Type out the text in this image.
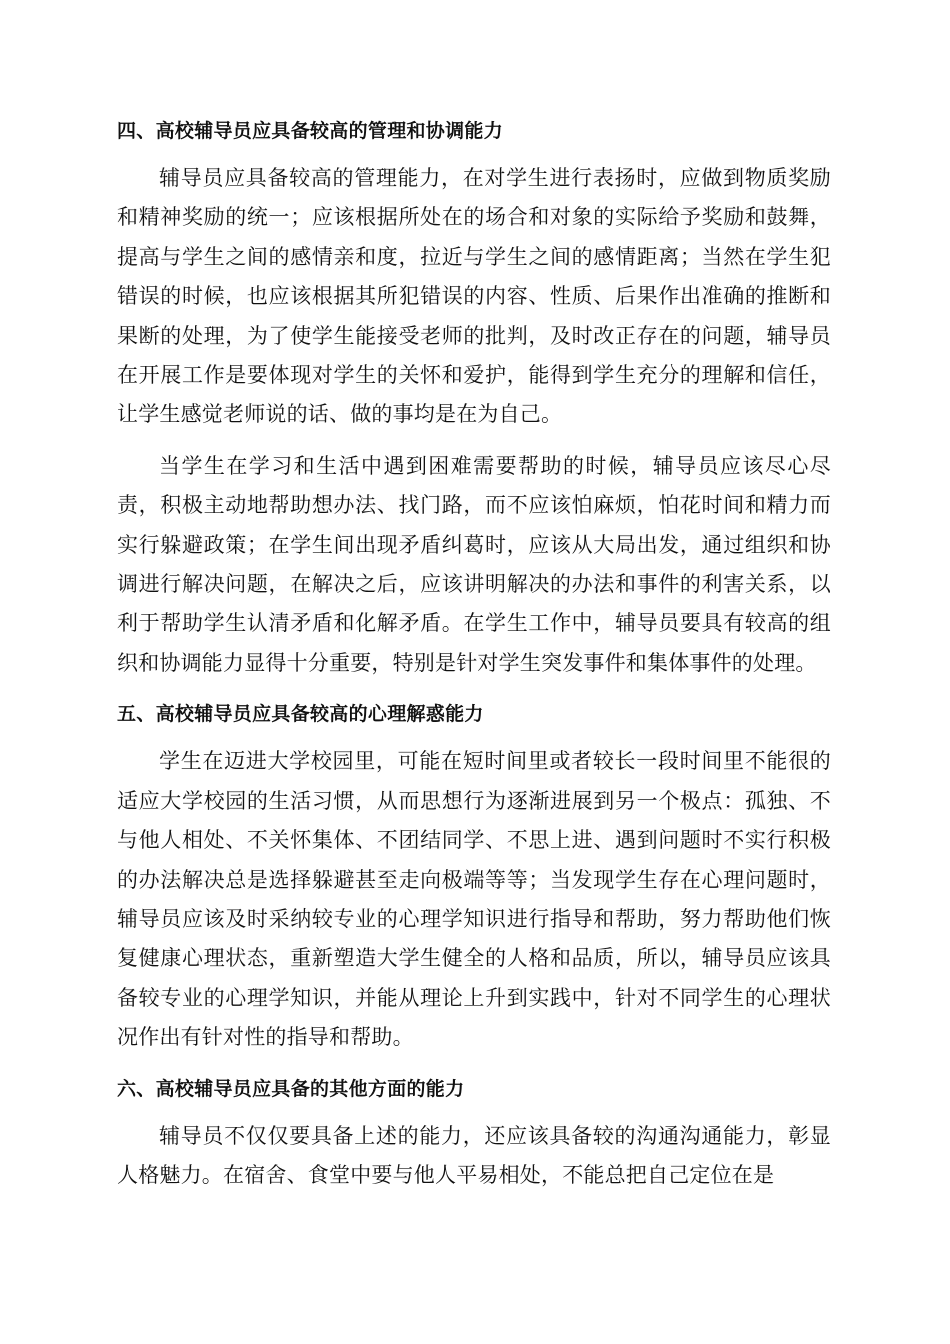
四、高校辅导员应具备较高的管理和协调能力

辅导员应具备较高的管理能力，在对学生进行表扬时，应做到物质奖励和精神奖励的统一；应该根据所处在的场合和对象的实际给予奖励和鼓舞，提高与学生之间的感情亲和度，拉近与学生之间的感情距离；当然在学生犯错误的时候，也应该根据其所犯错误的内容、性质、后果作出准确的推断和果断的处理，为了使学生能接受老师的批判，及时改正存在的问题，辅导员在开展工作是要体现对学生的关怀和爱护，能得到学生充分的理解和信任，让学生感觉老师说的话、做的事均是在为自己。

当学生在学习和生活中遇到困难需要帮助的时候，辅导员应该尽心尽责，积极主动地帮助想办法、找门路，而不应该怕麻烦，怕花时间和精力而实行躲避政策；在学生间出现矛盾纠葛时，应该从大局出发，通过组织和协调进行解决问题，在解决之后，应该讲明解决的办法和事件的利害关系，以利于帮助学生认清矛盾和化解矛盾。在学生工作中，辅导员要具有较高的组织和协调能力显得十分重要，特别是针对学生突发事件和集体事件的处理。

五、高校辅导员应具备较高的心理解惑能力

学生在迈进大学校园里，可能在短时间里或者较长一段时间里不能很的适应大学校园的生活习惯，从而思想行为逐渐进展到另一个极点：孤独、不与他人相处、不关怀集体、不团结同学、不思上进、遇到问题时不实行积极的办法解决总是选择躲避甚至走向极端等等；当发现学生存在心理问题时，辅导员应该及时采纳较专业的心理学知识进行指导和帮助，努力帮助他们恢复健康心理状态，重新塑造大学生健全的人格和品质，所以，辅导员应该具备较专业的心理学知识，并能从理论上升到实践中，针对不同学生的心理状况作出有针对性的指导和帮助。

六、高校辅导员应具备的其他方面的能力

辅导员不仅仅要具备上述的能力，还应该具备较的沟通沟通能力，彰显人格魅力。在宿舍、食堂中要与他人平易相处，不能总把自己定位在是
